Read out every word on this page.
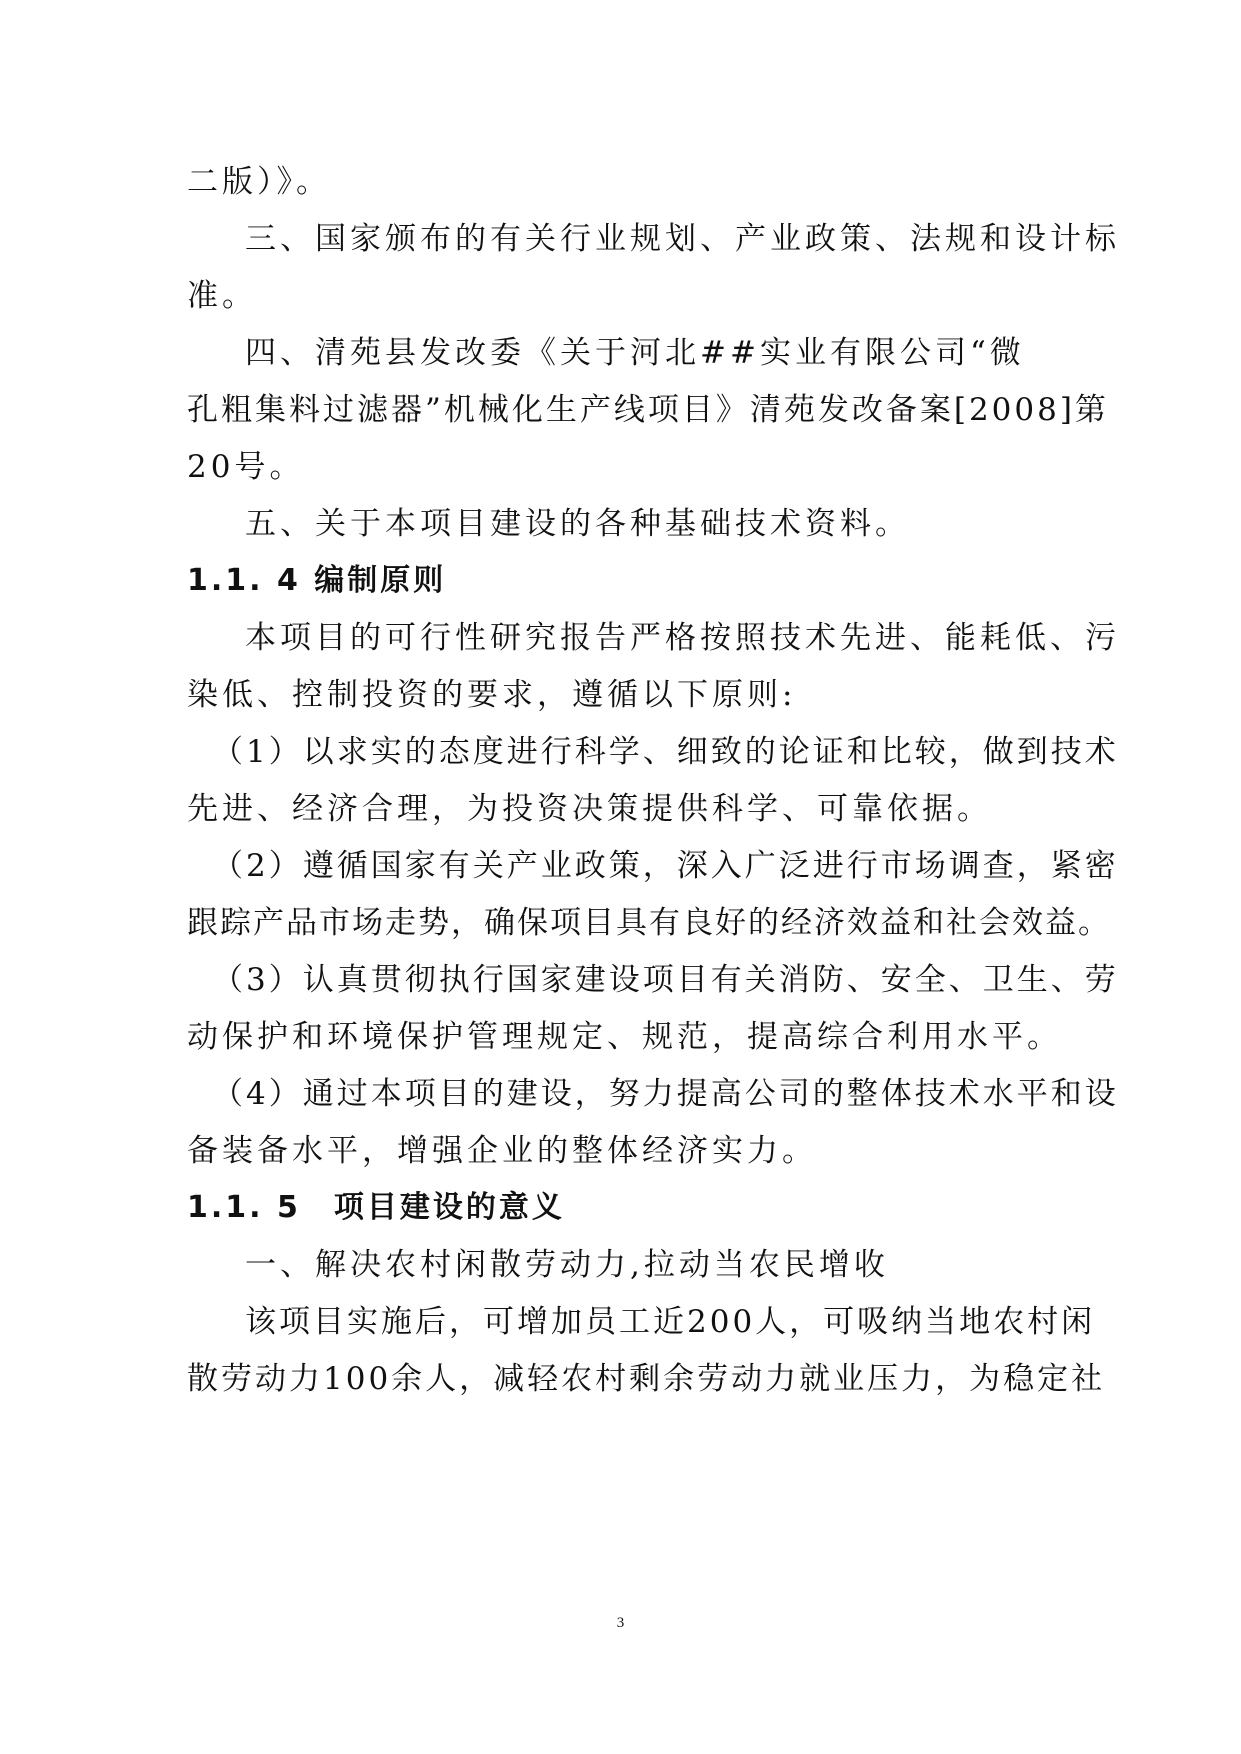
二版）》。
三、国家颁布的有关行业规划、产业政策、法规和设计标
准。
四、清苑县发改委《关于河北##实业有限公司“微
孔粗集料过滤器”机械化生产线项目》清苑发改备案[2008]第
20号。
五、关于本项目建设的各种基础技术资料。
1.1. 4 编制原则
本项目的可行性研究报告严格按照技术先进、能耗低、污
染低、控制投资的要求，遵循以下原则:
（1）以求实的态度进行科学、细致的论证和比较，做到技术
先进、经济合理，为投资决策提供科学、可靠依据。
（2）遵循国家有关产业政策，深入广泛进行市场调查，紧密
跟踪产品市场走势，确保项目具有良好的经济效益和社会效益。
（3）认真贯彻执行国家建设项目有关消防、安全、卫生、劳
动保护和环境保护管理规定、规范，提高综合利用水平。
（4）通过本项目的建设，努力提高公司的整体技术水平和设
备装备水平，增强企业的整体经济实力。
1.1. 5　项目建设的意义
一、解决农村闲散劳动力,拉动当农民增收
该项目实施后，可增加员工近200人，可吸纳当地农村闲
散劳动力100余人，减轻农村剩余劳动力就业压力，为稳定社
3
